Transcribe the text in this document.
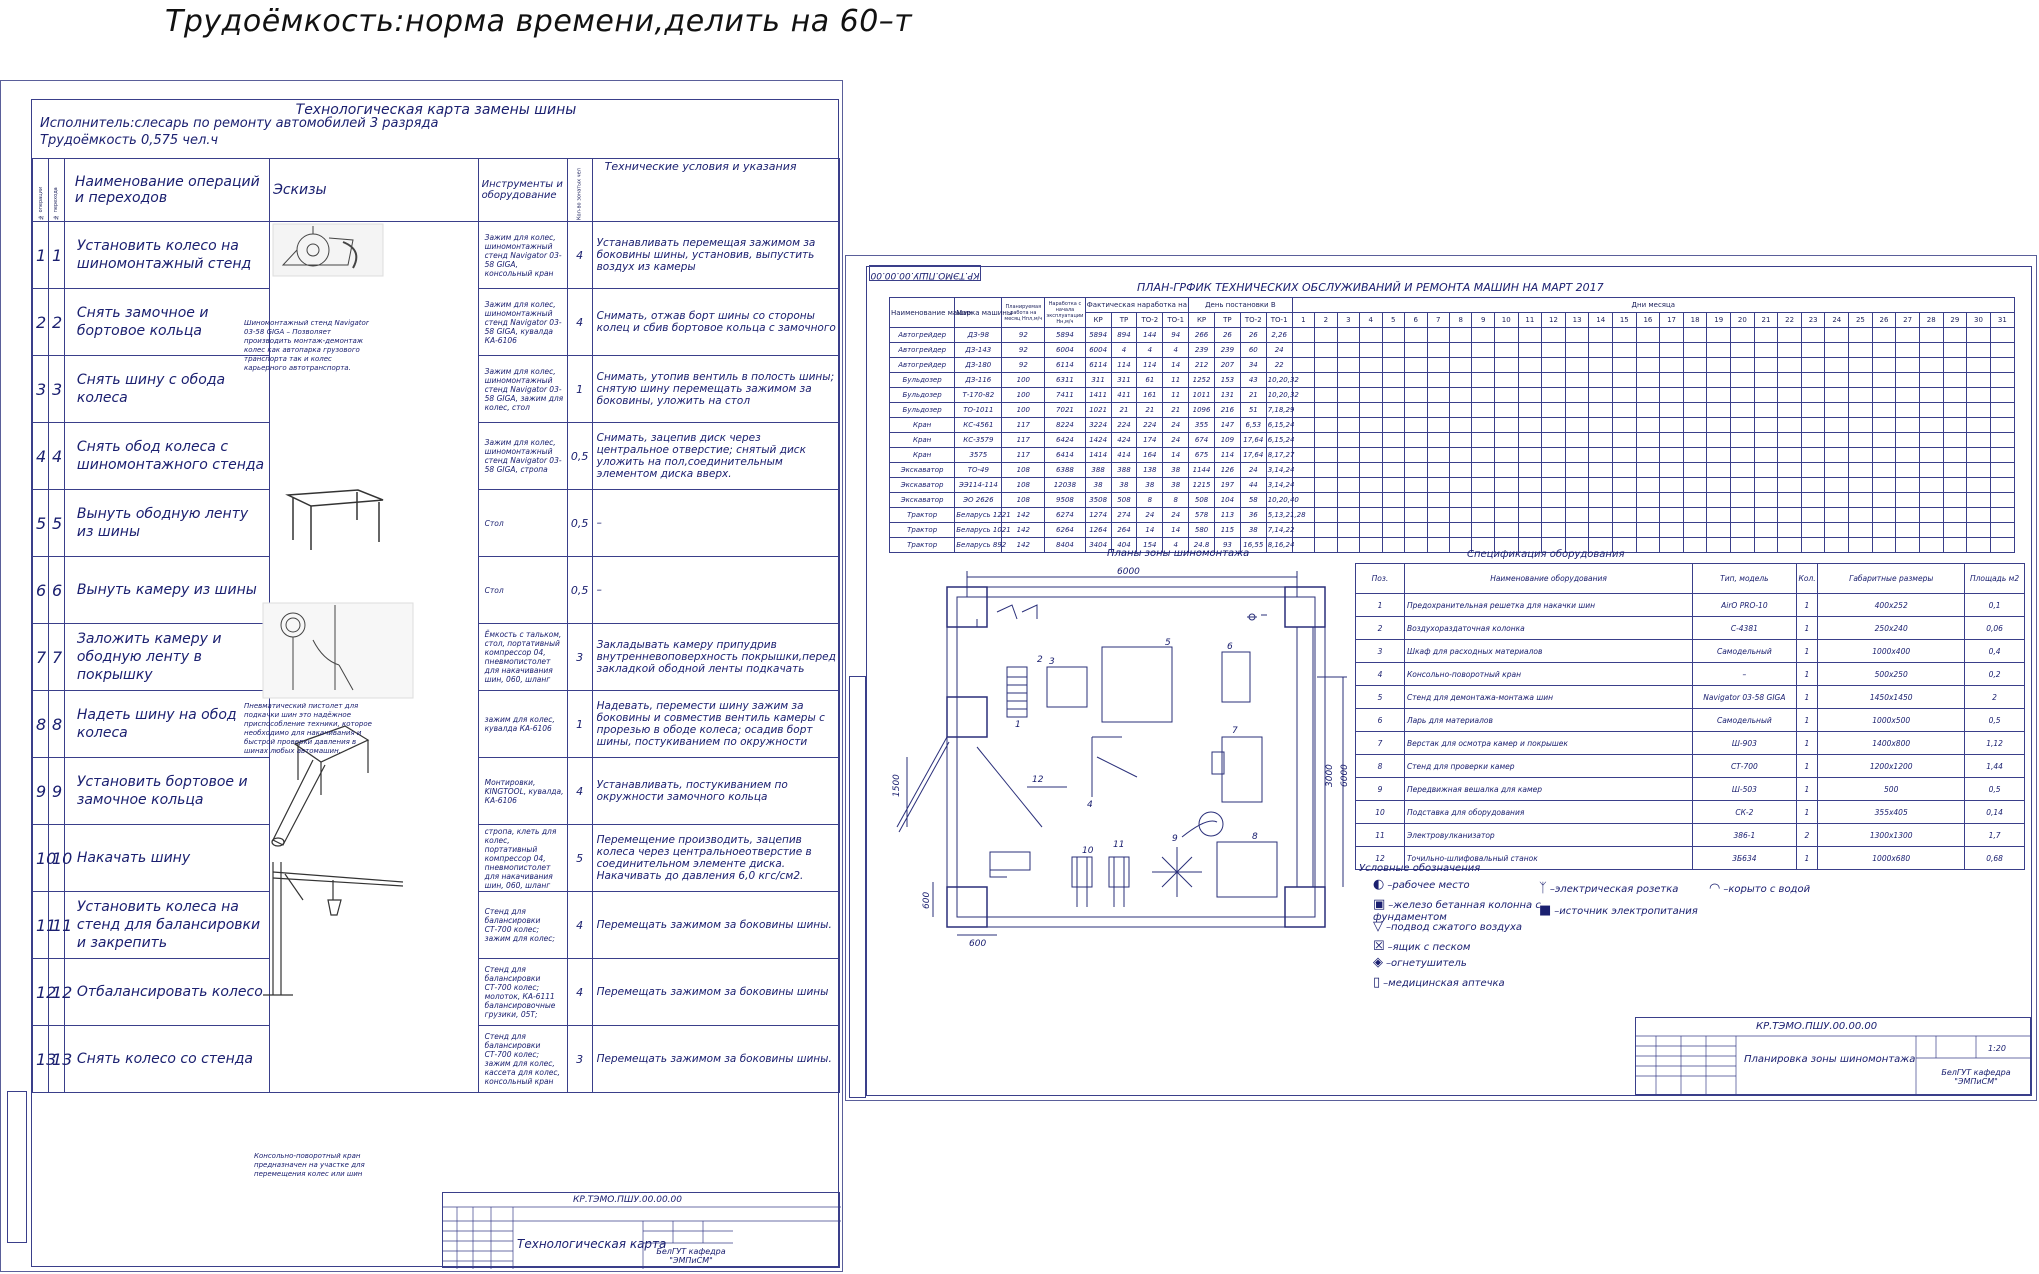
Трудоёмкость:норма времени,делить на 60–т
Технологическая карта замены шины
Исполнитель:слесарь по ремонту автомобилей 3 разряда
Трудоёмкость 0,575 чел.ч
№ операции	№ перехода	Наименование операций и переходов	Эскизы	Инструменты и оборудование	Кол-во зонатых чел	Технические условия и указания
1	1	Установить колесо на шиномонтажный стенд		Зажим для колес, шиномонтажный стенд Navigator 03-58 GIGA, консольный кран	4	Устанавливать перемещая зажимом за боковины шины, установив, выпустить воздух из камеры
2	2	Снять замочное и бортовое кольца		Зажим для колес, шиномонтажный стенд Navigator 03-58 GIGA, кувалда КА-6106	4	Снимать, отжав борт шины со стороны колец и сбив бортовое кольца с замочного
3	3	Снять шину с обода колеса		Зажим для колес, шиномонтажный стенд Navigator 03-58 GIGA, зажим для колес, стол	1	Снимать, утопив вентиль в полость шины; снятую шину перемещать зажимом за боковины, уложить на стол
4	4	Снять обод колеса с шиномонтажного стенда		Зажим для колес, шиномонтажный стенд Navigator 03-58 GIGA, стропа	0,5	Снимать, зацепив диск через центральное отверстие; снятый диск уложить на пол,соединительным элементом диска вверх.
5	5	Вынуть ободную ленту из шины		Стол	0,5	–
6	6	Вынуть камеру из шины		Стол	0,5	–
7	7	Заложить камеру и ободную ленту в покрышку		Ёмкость с тальком, стол, портативный компрессор 04, пневмопистолет для накачивания шин, 060, шланг	3	Закладывать камеру припудрив внутренневоповерхность покрышки,перед закладкой ободной ленты подкачать
8	8	Надеть шину на обод колеса		зажим для колес, кувалда КА-6106	1	Надевать, перемести шину зажим за боковины и совместив вентиль камеры с прорезью в ободе колеса; осадив борт шины, постукиванием по окружности
9	9	Установить бортовое и замочное кольца		Монтировки, KINGTOOL, кувалда, КА-6106	4	Устанавливать, постукиванием по окружности замочного кольца
10	10	Накачать шину		стропа, клеть для колес, портативный компрессор 04, пневмопистолет для накачивания шин, 060, шланг	5	Перемещение производить, зацепив колеса через центральноеотверстие в соединительном элементе диска. Накачивать до давления 6,0 кгс/см2.
11	11	Установить колеса на стенд для балансировки и закрепить		Стенд для балансировки СТ-700 колес; зажим для колес;	4	Перемещать зажимом за боковины шины.
12	12	Отбалансировать колесо		Стенд для балансировки СТ-700 колес; молоток, КА-6111 балансировочные грузики, 05Т;	4	Перемещать зажимом за боковины шины
13	13	Снять колесо со стенда		Стенд для балансировки СТ-700 колес; зажим для колес, кассета для колес, консольный кран	3	Перемещать зажимом за боковины шины.
Шиномонтажный стенд Navigator 03-58 GIGA – Позволяет производить монтаж-демонтаж колес как автопарка грузового транспорта так и колес карьерного автотранспорта.
Пневматический пистолет для подкачки шин это надёжное приспособление техники, которое необходимо для накачивания и быстрой проверки давления в шинах любых автомашин.
Консольно-поворотный кран предназначен на участке для перемещения колес или шин
КР.ТЭМО.ПШУ.00.00.00
Технологическая карта
БелГУТ кафедра "ЭМПиСМ"
КР.ТЭМО.ПШУ.00.00.00
ПЛАН-ГРФИК ТЕХНИЧЕСКИХ ОБСЛУЖИВАНИЙ И РЕМОНТА МАШИН НА МАРТ 2017
Наименование машин	Марка машины	Планируемая работа на месяц Нпл,м/ч	Наработка с начала эксплуатации Нн,м/ч	Фактическая наработка на				День постановки В				Дни месяца																														
				КР	ТР	ТО-2	ТО-1	КР	ТР	ТО-2	ТО-1	1	2	3	4	5	6	7	8	9	10	11	12	13	14	15	16	17	18	19	20	21	22	23	24	25	26	27	28	29	30	31
Автогрейдер	ДЗ-98	92	5894	5894	894	144	94	266	26	26	2,26																															
Автогрейдер	ДЗ-143	92	6004	6004	4	4	4	239	239	60	24																															
Автогрейдер	ДЗ-180	92	6114	6114	114	114	14	212	207	34	22																															
Бульдозер	ДЗ-116	100	6311	311	311	61	11	1252	153	43	10,20,32																															
Бульдозер	Т-170-82	100	7411	1411	411	161	11	1011	131	21	10,20,32																															
Бульдозер	ТО-1011	100	7021	1021	21	21	21	1096	216	51	7,18,29																															
Кран	КС-4561	117	8224	3224	224	224	24	355	147	6,53	6,15,24																															
Кран	КС-3579	117	6424	1424	424	174	24	674	109	17,64	6,15,24																															
Кран	3575	117	6414	1414	414	164	14	675	114	17,64	8,17,27																															
Экскаватор	ТО-49	108	6388	388	388	138	38	1144	126	24	3,14,24																															
Экскаватор	ЭЭ114-114	108	12038	38	38	38	38	1215	197	44	3,14,24																															
Экскаватор	ЭО 2626	108	9508	3508	508	8	8	508	104	58	10,20,40																															
Трактор	Беларусь 1221	142	6274	1274	274	24	24	578	113	36	5,13,21,28																															
Трактор	Беларусь 1021	142	6264	1264	264	14	14	580	115	38	7,14,22																															
Трактор	Беларусь 892	142	8404	3404	404	154	4	24.8	93	16,55	8,16,24																															
Планы зоны шиномонтажа
6000
3000 6000
1500
600
600
1
2 3
4
5	6
7
8
9
10
11
12
Спецификация оборудования
Поз.	Наименование оборудования	Тип, модель	Кол.	Габаритные размеры	Площадь м2
1	Предохранительная решетка для накачки шин	AirO PRO-10	1	400х252	0,1
2	Воздухораздаточная колонка	С-4381	1	250х240	0,06
3	Шкаф для расходных материалов	Самодельный	1	1000х400	0,4
4	Консольно-поворотный кран	–	1	500х250	0,2
5	Стенд для демонтажа-монтажа шин	Navigator 03-58 GIGA	1	1450х1450	2
6	Ларь для материалов	Самодельный	1	1000х500	0,5
7	Верстак для осмотра камер и покрышек	Ш-903	1	1400х800	1,12
8	Стенд для проверки камер	СТ-700	1	1200х1200	1,44
9	Передвижная вешалка для камер	Ш-503	1	500	0,5
10	Подставка для оборудования	СК-2	1	355х405	0,14
11	Электровулканизатор	386-1	2	1300х1300	1,7
12	Точильно-шлифовальный станок	3Б634	1	1000х680	0,68
Условные обозначения
◐ –рабочее место
▣ –железо бетанная колонна с фундаментом
▽ –подвод сжатого воздуха
☒ –ящик с песком
◈ –огнетушитель
▯ –медицинская аптечка
ᛉ –электрическая розетка
■ –источник электропитания
◠ –корыто с водой
КР.ТЭМО.ПШУ.00.00.00
Планировка зоны шиномонтажа
1:20
БелГУТ кафедра "ЭМПиСМ"
